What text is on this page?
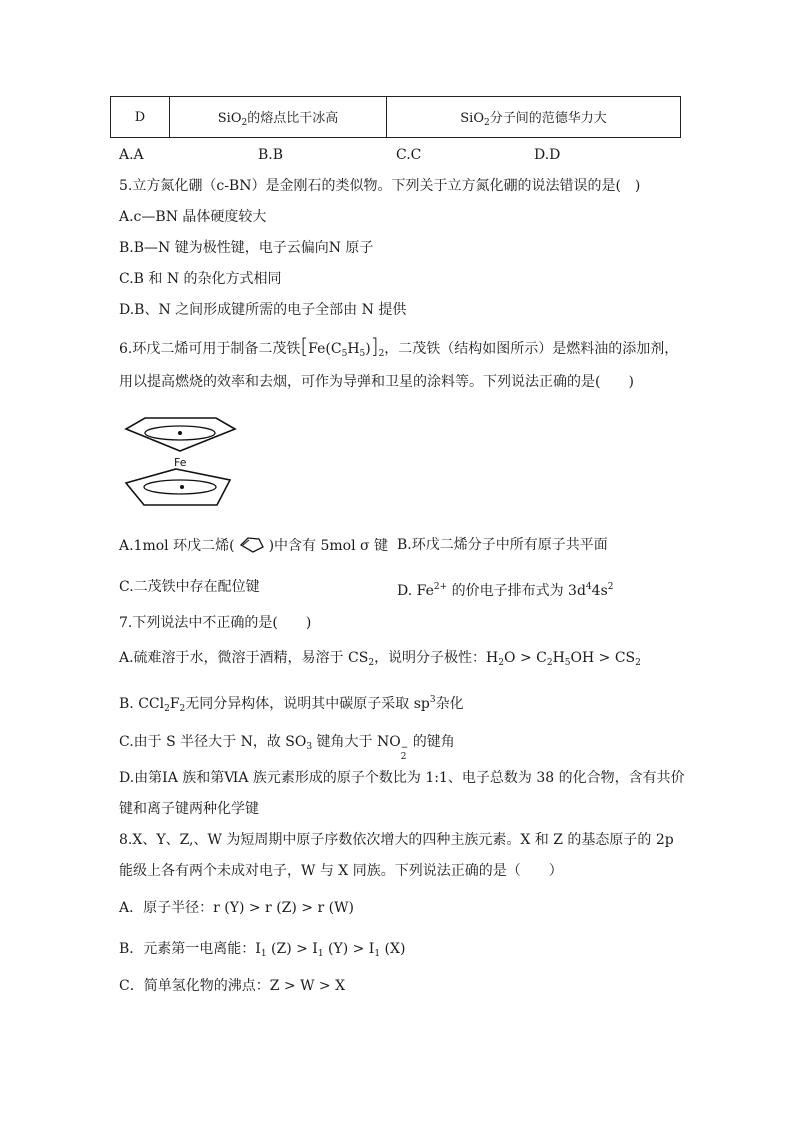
D	SiO$_2$的熔点比干冰高	SiO$_2$分子间的范德华力大
A.A	B.B	C.C	D.D
5.立方氮化硼（c-BN）是金刚石的类似物。下列关于立方氮化硼的说法错误的是(　)
A.c—BN 晶体硬度较大
B.B—N 键为极性键，电子云偏向N 原子
C.B 和 N 的杂化方式相同
D.B、N 之间形成键所需的电子全部由 N 提供
6.环戊二烯可用于制备二茂铁$[Fe(C_5H_5)]_2$，二茂铁（结构如图所示）是燃料油的添加剂，
用以提高燃烧的效率和去烟，可作为导弹和卫星的涂料等。下列说法正确的是(　　)
Fe
A.1mol 环戊二烯( )中含有 5mol σ 键 B.环戊二烯分子中所有原子共平面
C.二茂铁中存在配位键	D. $Fe^{2+}$ 的价电子排布式为 $3d^44s^2$
7.下列说法中不正确的是(　　)
A.硫难溶于水，微溶于酒精，易溶于 $CS_2$，说明分子极性：$H_2O > C_2H_5OH > CS_2$
B. $CCl_2F_2$无同分异构体，说明其中碳原子采取 $sp^3$杂化
C.由于 S 半径大于 N，故 $SO_3$ 键角大于 NO −
2
的键角
D.由第ⅠA 族和第ⅥA 族元素形成的原子个数比为 1:1、电子总数为 38 的化合物，含有共价
键和离子键两种化学键
8.X、Y、Z,、W 为短周期中原子序数依次增大的四种主族元素。X 和 Z 的基态原子的 2p
能级上各有两个未成对电子，W 与 X 同族。下列说法正确的是（　　）
A．原子半径：r (Y) > r (Z) > r (W)
B．元素第一电离能：$I_1$ $(Z) > I_1$ $(Y) > I_1$ (X)
C．简单氢化物的沸点：Z > W > X
